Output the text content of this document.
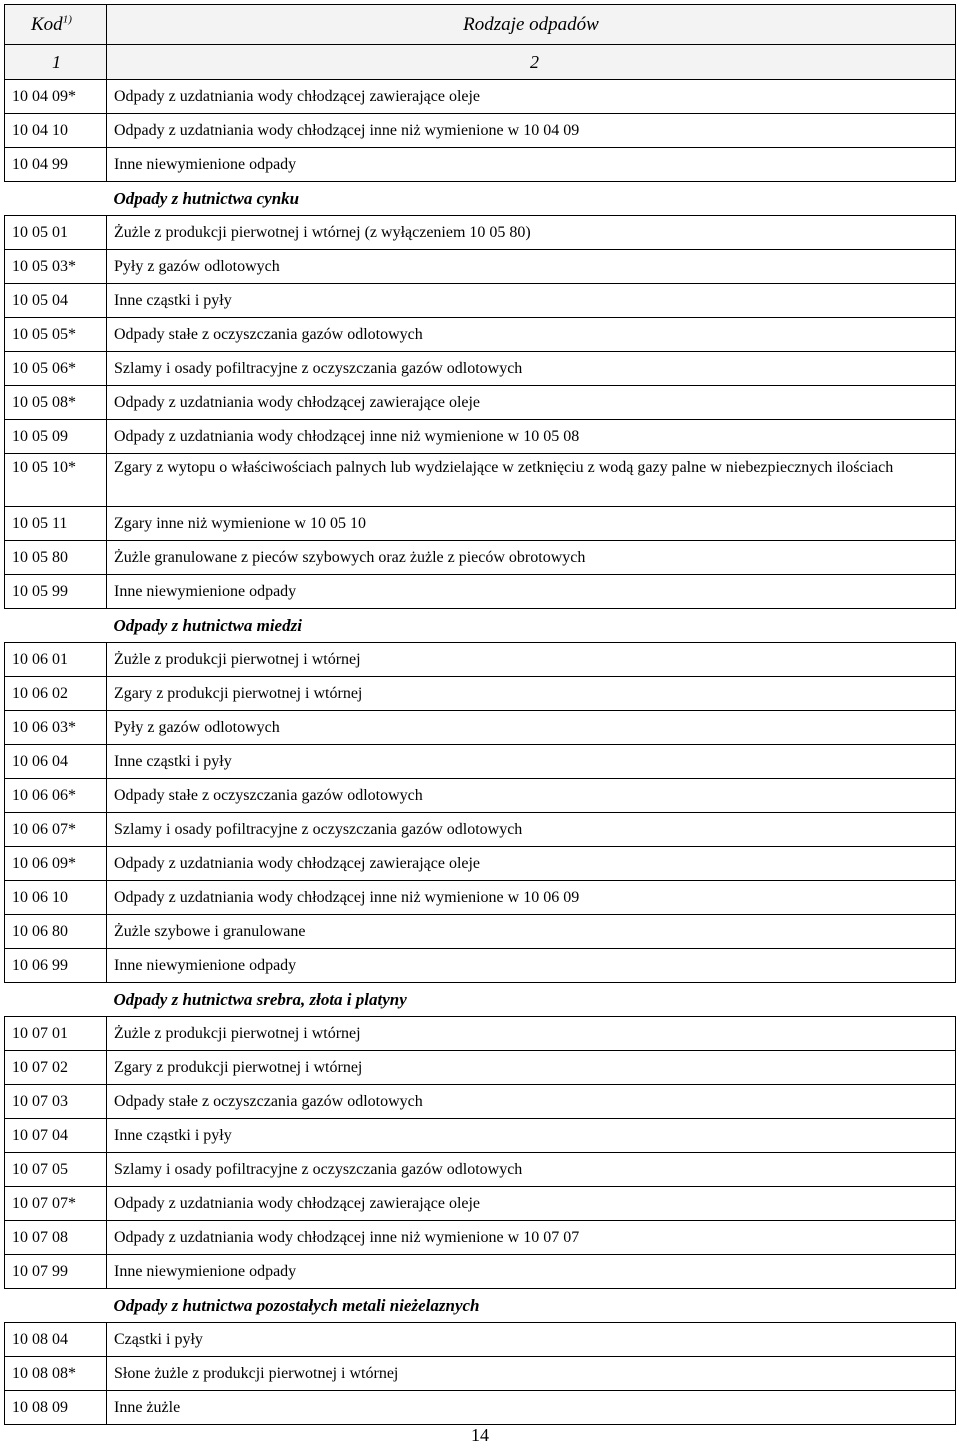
Kod$^{1)}$	Rodzaje odpadów
1	2
10 04 09*	Odpady z uzdatniania wody chłodzącej zawierające oleje
10 04 10	Odpady z uzdatniania wody chłodzącej inne niż wymienione w 10 04 09
10 04 99	Inne niewymienione odpady
	Odpady z hutnictwa cynku
10 05 01	Żużle z produkcji pierwotnej i wtórnej (z wyłączeniem 10 05 80)
10 05 03*	Pyły z gazów odlotowych
10 05 04	Inne cząstki i pyły
10 05 05*	Odpady stałe z oczyszczania gazów odlotowych
10 05 06*	Szlamy i osady pofiltracyjne z oczyszczania gazów odlotowych
10 05 08*	Odpady z uzdatniania wody chłodzącej zawierające oleje
10 05 09	Odpady z uzdatniania wody chłodzącej inne niż wymienione w 10 05 08
10 05 10*	Zgary z wytopu o właściwościach palnych lub wydzielające w zetknięciu z wodą gazy palne w niebezpiecznych ilościach
10 05 11	Zgary inne niż wymienione w 10 05 10
10 05 80	Żużle granulowane z pieców szybowych oraz żużle z pieców obrotowych
10 05 99	Inne niewymienione odpady
	Odpady z hutnictwa miedzi
10 06 01	Żużle z produkcji pierwotnej i wtórnej
10 06 02	Zgary z produkcji pierwotnej i wtórnej
10 06 03*	Pyły z gazów odlotowych
10 06 04	Inne cząstki i pyły
10 06 06*	Odpady stałe z oczyszczania gazów odlotowych
10 06 07*	Szlamy i osady pofiltracyjne z oczyszczania gazów odlotowych
10 06 09*	Odpady z uzdatniania wody chłodzącej zawierające oleje
10 06 10	Odpady z uzdatniania wody chłodzącej inne niż wymienione w 10 06 09
10 06 80	Żużle szybowe i granulowane
10 06 99	Inne niewymienione odpady
	Odpady z hutnictwa srebra, złota i platyny
10 07 01	Żużle z produkcji pierwotnej i wtórnej
10 07 02	Zgary z produkcji pierwotnej i wtórnej
10 07 03	Odpady stałe z oczyszczania gazów odlotowych
10 07 04	Inne cząstki i pyły
10 07 05	Szlamy i osady pofiltracyjne z oczyszczania gazów odlotowych
10 07 07*	Odpady z uzdatniania wody chłodzącej zawierające oleje
10 07 08	Odpady z uzdatniania wody chłodzącej inne niż wymienione w 10 07 07
10 07 99	Inne niewymienione odpady
	Odpady z hutnictwa pozostałych metali nieżelaznych
10 08 04	Cząstki i pyły
10 08 08*	Słone żużle z produkcji pierwotnej i wtórnej
10 08 09	Inne żużle
14
